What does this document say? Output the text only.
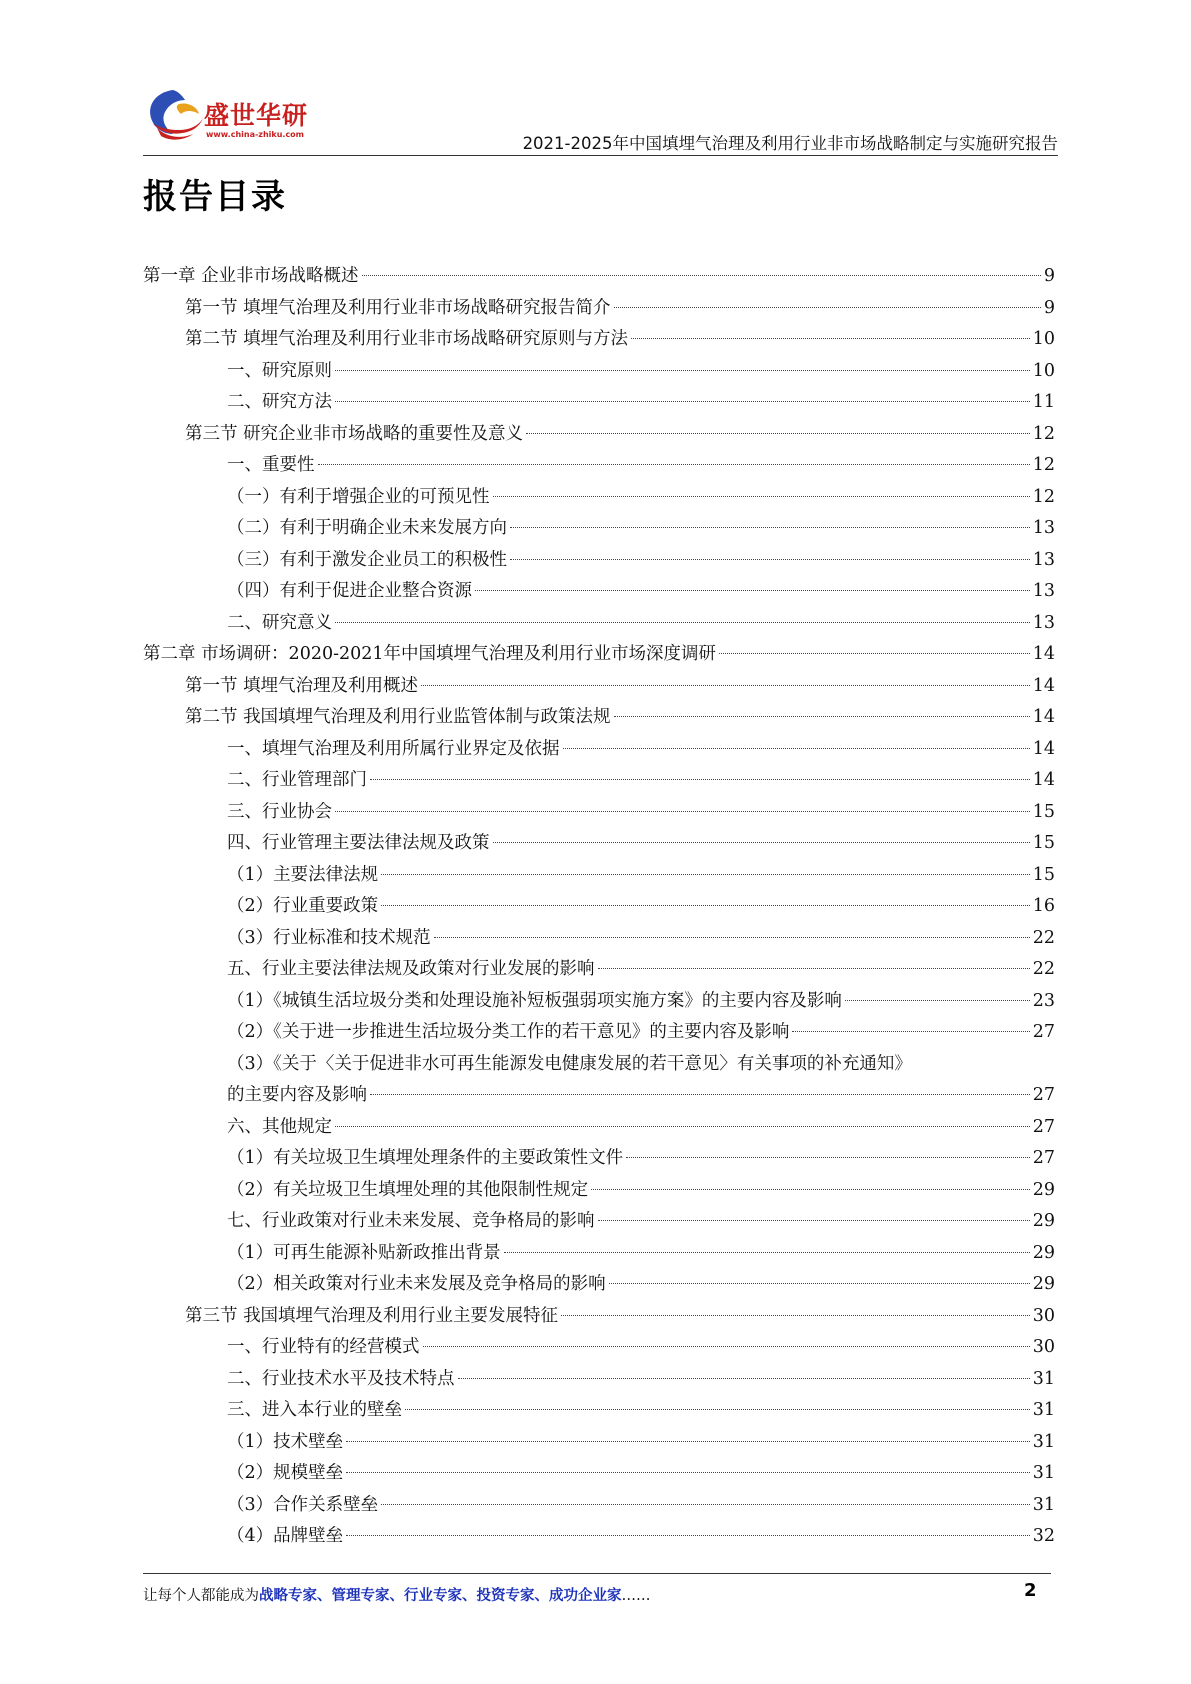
盛世华研
www.china-zhiku.com	2021-2025年中国填埋气治理及利用行业非市场战略制定与实施研究报告
报告目录
第一章 企业非市场战略概述	9
第一节 填埋气治理及利用行业非市场战略研究报告简介	9
第二节 填埋气治理及利用行业非市场战略研究原则与方法	10
一、研究原则	10
二、研究方法	11
第三节 研究企业非市场战略的重要性及意义	12
一、重要性	12
（一）有利于增强企业的可预见性	12
（二）有利于明确企业未来发展方向	13
（三）有利于激发企业员工的积极性	13
（四）有利于促进企业整合资源	13
二、研究意义	13
第二章 市场调研：2020-2021年中国填埋气治理及利用行业市场深度调研	14
第一节 填埋气治理及利用概述	14
第二节 我国填埋气治理及利用行业监管体制与政策法规	14
一、填埋气治理及利用所属行业界定及依据	14
二、行业管理部门	14
三、行业协会	15
四、行业管理主要法律法规及政策	15
（1）主要法律法规	15
（2）行业重要政策	16
（3）行业标准和技术规范	22
五、行业主要法律法规及政策对行业发展的影响	22
（1）《城镇生活垃圾分类和处理设施补短板强弱项实施方案》的主要内容及影响	23
（2）《关于进一步推进生活垃圾分类工作的若干意见》的主要内容及影响	27
（3）《关于〈关于促进非水可再生能源发电健康发展的若干意见〉有关事项的补充通知》
的主要内容及影响	27
六、其他规定	27
（1）有关垃圾卫生填埋处理条件的主要政策性文件	27
（2）有关垃圾卫生填埋处理的其他限制性规定	29
七、行业政策对行业未来发展、竞争格局的影响	29
（1）可再生能源补贴新政推出背景	29
（2）相关政策对行业未来发展及竞争格局的影响	29
第三节 我国填埋气治理及利用行业主要发展特征	30
一、行业特有的经营模式	30
二、行业技术水平及技术特点	31
三、进入本行业的壁垒	31
（1）技术壁垒	31
（2）规模壁垒	31
（3）合作关系壁垒	31
（4）品牌壁垒	32
让每个人都能成为战略专家、管理专家、行业专家、投资专家、成功企业家……	2
